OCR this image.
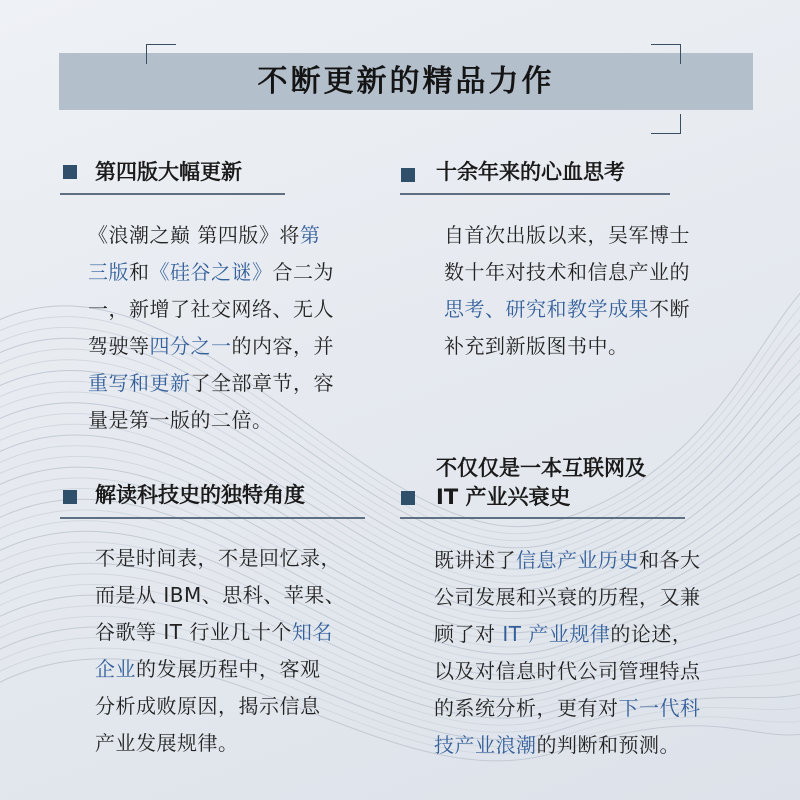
不断更新的精品力作
第四版大幅更新
《浪潮之巅 第四版》将第
三版和《硅谷之谜》合二为
一，新增了社交网络、无人
驾驶等四分之一的内容，并
重写和更新了全部章节，容
量是第一版的二倍。
十余年来的心血思考
自首次出版以来，吴军博士
数十年对技术和信息产业的
思考、研究和教学成果不断
补充到新版图书中。
解读科技史的独特角度
不是时间表，不是回忆录，
而是从 IBM、思科、苹果、
谷歌等 IT 行业几十个知名
企业的发展历程中，客观
分析成败原因，揭示信息
产业发展规律。
不仅仅是一本互联网及
IT 产业兴衰史
既讲述了信息产业历史和各大
公司发展和兴衰的历程，又兼
顾了对 IT 产业规律的论述，
以及对信息时代公司管理特点
的系统分析，更有对下一代科
技产业浪潮的判断和预测。
